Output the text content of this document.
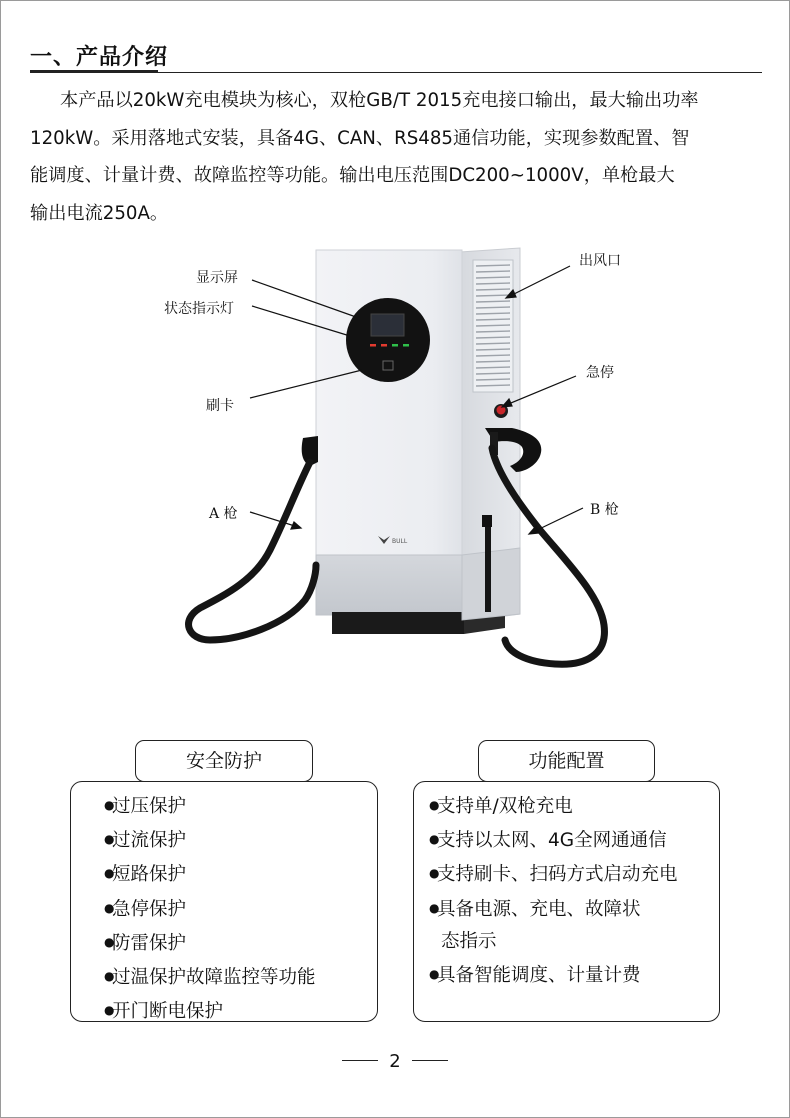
一、产品介绍
本产品以20kW充电模块为核心，双枪GB/T 2015充电接口输出，最大输出功率
120kW。采用落地式安装，具备4G、CAN、RS485通信功能，实现参数配置、智
能调度、计量计费、故障监控等功能。输出电压范围DC200~1000V，单枪最大
输出电流250A。
BULL
显示屏
状态指示灯
刷卡
A 枪
出风口
急停
B 枪
安全防护
●过压保护
●过流保护
●短路保护
●急停保护
●防雷保护
●过温保护故障监控等功能
●开门断电保护
功能配置
●支持单/双枪充电
●支持以太网、4G全网通通信
●支持刷卡、扫码方式启动充电
●具备电源、充电、故障状
态指示
●具备智能调度、计量计费
2
